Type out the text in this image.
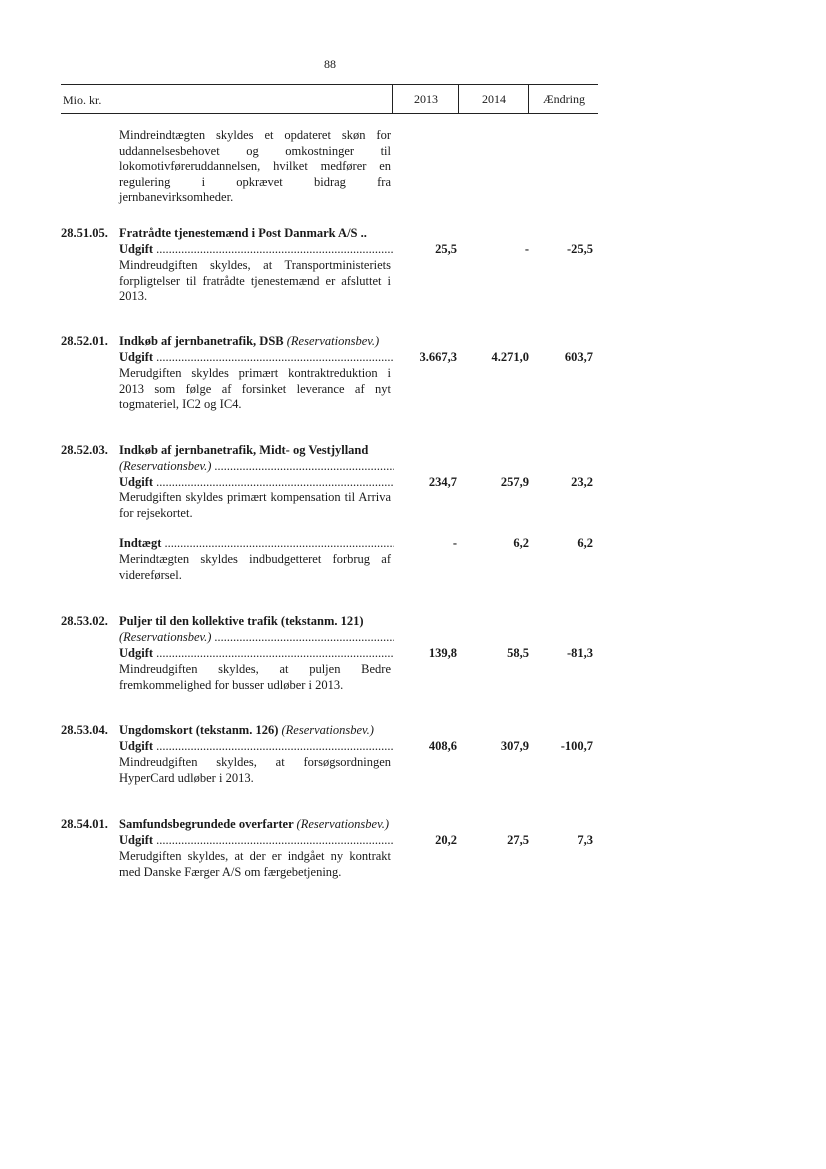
88
Mio. kr.	2013	2014	Ændring
Mindreindtægten skyldes et opdateret skøn for uddannelsesbehovet og omkostninger til lokomotivføreruddannelsen, hvilket medfører en regulering i opkrævet bidrag fra jernbanevirksomheder.
28.51.05. Fratrådte tjenestemænd i Post Danmark A/S ..
Udgift .....	25,5	-	-25,5
Mindreudgiften skyldes, at Transportministeriets forpligtelser til fratrådte tjenestemænd er afsluttet i 2013.
28.52.01. Indkøb af jernbanetrafik, DSB (Reservationsbev.)
Udgift .....	3.667,3	4.271,0	603,7
Merudgiften skyldes primært kontraktreduktion i 2013 som følge af forsinket leverance af nyt togmateriel, IC2 og IC4.
28.52.03. Indkøb af jernbanetrafik, Midt- og Vestjylland
(Reservationsbev.) .....
Udgift .....	234,7	257,9	23,2
Merudgiften skyldes primært kompensation til Arriva for rejsekortet.
Indtægt .....	-	6,2	6,2
Merindtægten skyldes indbudgetteret forbrug af videreførsel.
28.53.02. Puljer til den kollektive trafik (tekstanm. 121)
(Reservationsbev.) .....
Udgift .....	139,8	58,5	-81,3
Mindreudgiften skyldes, at puljen Bedre fremkommelighed for busser udløber i 2013.
28.53.04. Ungdomskort (tekstanm. 126) (Reservationsbev.)
Udgift .....	408,6	307,9	-100,7
Mindreudgiften skyldes, at forsøgsordningen HyperCard udløber i 2013.
28.54.01. Samfundsbegrundede overfarter (Reservationsbev.)
Udgift .....	20,2	27,5	7,3
Merudgiften skyldes, at der er indgået ny kontrakt med Danske Færger A/S om færgebetjening.
